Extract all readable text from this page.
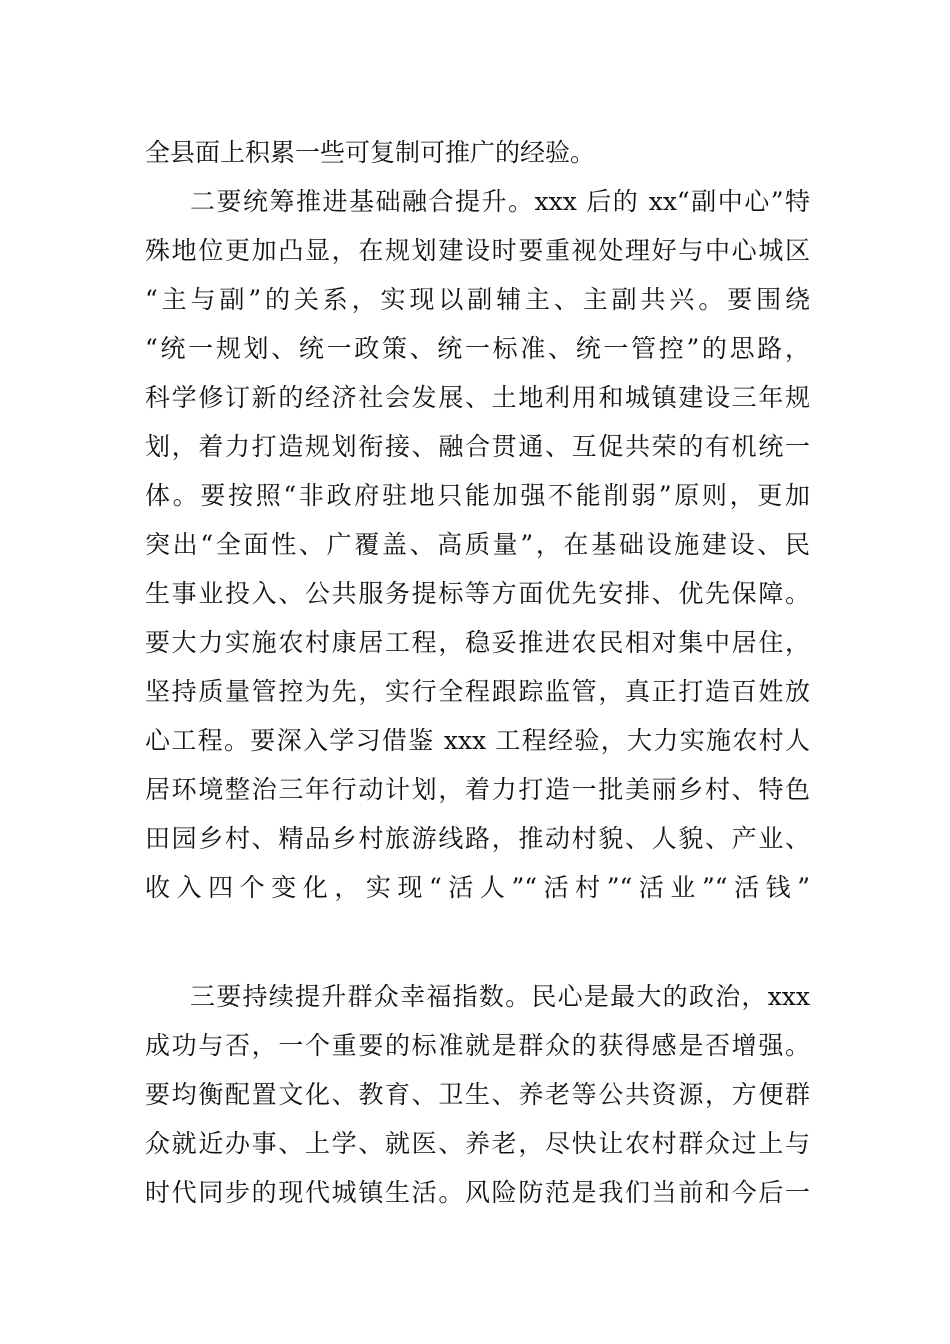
全县面上积累一些可复制可推广的经验。
二要统筹推进基础融合提升。xxx 后的 xx“副中心”特
殊地位更加凸显，在规划建设时要重视处理好与中心城区
“主与副”的关系，实现以副辅主、主副共兴。要围绕
“统一规划、统一政策、统一标准、统一管控”的思路，
科学修订新的经济社会发展、土地利用和城镇建设三年规
划，着力打造规划衔接、融合贯通、互促共荣的有机统一
体。要按照“非政府驻地只能加强不能削弱”原则，更加
突出“全面性、广覆盖、高质量”，在基础设施建设、民
生事业投入、公共服务提标等方面优先安排、优先保障。
要大力实施农村康居工程，稳妥推进农民相对集中居住，
坚持质量管控为先，实行全程跟踪监管，真正打造百姓放
心工程。要深入学习借鉴 xxx 工程经验，大力实施农村人
居环境整治三年行动计划，着力打造一批美丽乡村、特色
田园乡村、精品乡村旅游线路，推动村貌、人貌、产业、
收入四个变化，实现“活人”“活村”“活业”“活钱”
三要持续提升群众幸福指数。民心是最大的政治，xxx
成功与否，一个重要的标准就是群众的获得感是否增强。
要均衡配置文化、教育、卫生、养老等公共资源，方便群
众就近办事、上学、就医、养老，尽快让农村群众过上与
时代同步的现代城镇生活。风险防范是我们当前和今后一
